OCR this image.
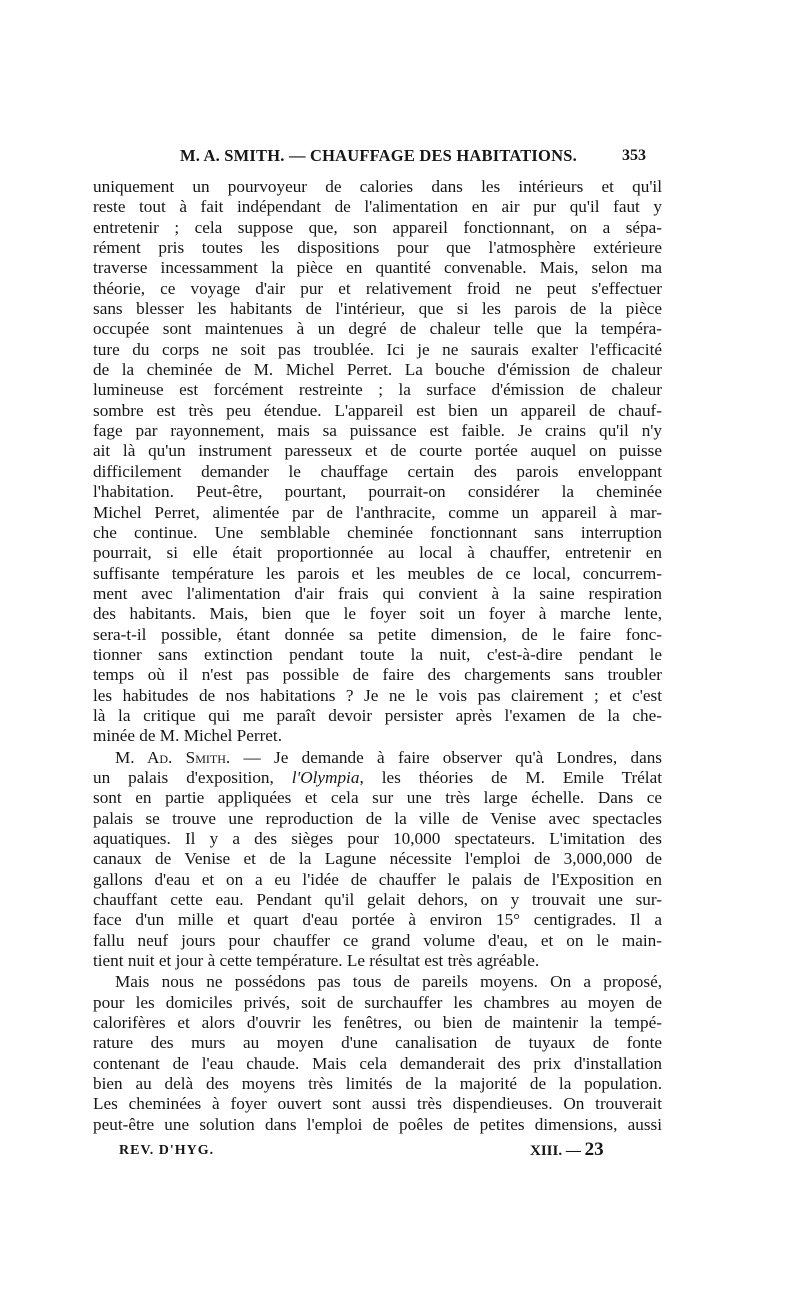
M. A. SMITH. — CHAUFFAGE DES HABITATIONS.	353
uniquement un pourvoyeur de calories dans les intérieurs et qu'il
reste tout à fait indépendant de l'alimentation en air pur qu'il faut y
entretenir ; cela suppose que, son appareil fonctionnant, on a sépa-
rément pris toutes les dispositions pour que l'atmosphère extérieure
traverse incessamment la pièce en quantité convenable. Mais, selon ma
théorie, ce voyage d'air pur et relativement froid ne peut s'effectuer
sans blesser les habitants de l'intérieur, que si les parois de la pièce
occupée sont maintenues à un degré de chaleur telle que la tempéra-
ture du corps ne soit pas troublée. Ici je ne saurais exalter l'efficacité
de la cheminée de M. Michel Perret. La bouche d'émission de chaleur
lumineuse est forcément restreinte ; la surface d'émission de chaleur
sombre est très peu étendue. L'appareil est bien un appareil de chauf-
fage par rayonnement, mais sa puissance est faible. Je crains qu'il n'y
ait là qu'un instrument paresseux et de courte portée auquel on puisse
difficilement demander le chauffage certain des parois enveloppant
l'habitation. Peut-être, pourtant, pourrait-on considérer la cheminée
Michel Perret, alimentée par de l'anthracite, comme un appareil à mar-
che continue. Une semblable cheminée fonctionnant sans interruption
pourrait, si elle était proportionnée au local à chauffer, entretenir en
suffisante température les parois et les meubles de ce local, concurrem-
ment avec l'alimentation d'air frais qui convient à la saine respiration
des habitants. Mais, bien que le foyer soit un foyer à marche lente,
sera-t-il possible, étant donnée sa petite dimension, de le faire fonc-
tionner sans extinction pendant toute la nuit, c'est-à-dire pendant le
temps où il n'est pas possible de faire des chargements sans troubler
les habitudes de nos habitations ? Je ne le vois pas clairement ; et c'est
là la critique qui me paraît devoir persister après l'examen de la che-
minée de M. Michel Perret.
M. Ad. Smith. — Je demande à faire observer qu'à Londres, dans
un palais d'exposition, l'Olympia, les théories de M. Emile Trélat
sont en partie appliquées et cela sur une très large échelle. Dans ce
palais se trouve une reproduction de la ville de Venise avec spectacles
aquatiques. Il y a des sièges pour 10,000 spectateurs. L'imitation des
canaux de Venise et de la Lagune nécessite l'emploi de 3,000,000 de
gallons d'eau et on a eu l'idée de chauffer le palais de l'Exposition en
chauffant cette eau. Pendant qu'il gelait dehors, on y trouvait une sur-
face d'un mille et quart d'eau portée à environ 15° centigrades. Il a
fallu neuf jours pour chauffer ce grand volume d'eau, et on le main-
tient nuit et jour à cette température. Le résultat est très agréable.
Mais nous ne possédons pas tous de pareils moyens. On a proposé,
pour les domiciles privés, soit de surchauffer les chambres au moyen de
calorifères et alors d'ouvrir les fenêtres, ou bien de maintenir la tempé-
rature des murs au moyen d'une canalisation de tuyaux de fonte
contenant de l'eau chaude. Mais cela demanderait des prix d'installation
bien au delà des moyens très limités de la majorité de la population.
Les cheminées à foyer ouvert sont aussi très dispendieuses. On trouverait
peut-être une solution dans l'emploi de poêles de petites dimensions, aussi
REV. D'HYG.	XIII. — 23
